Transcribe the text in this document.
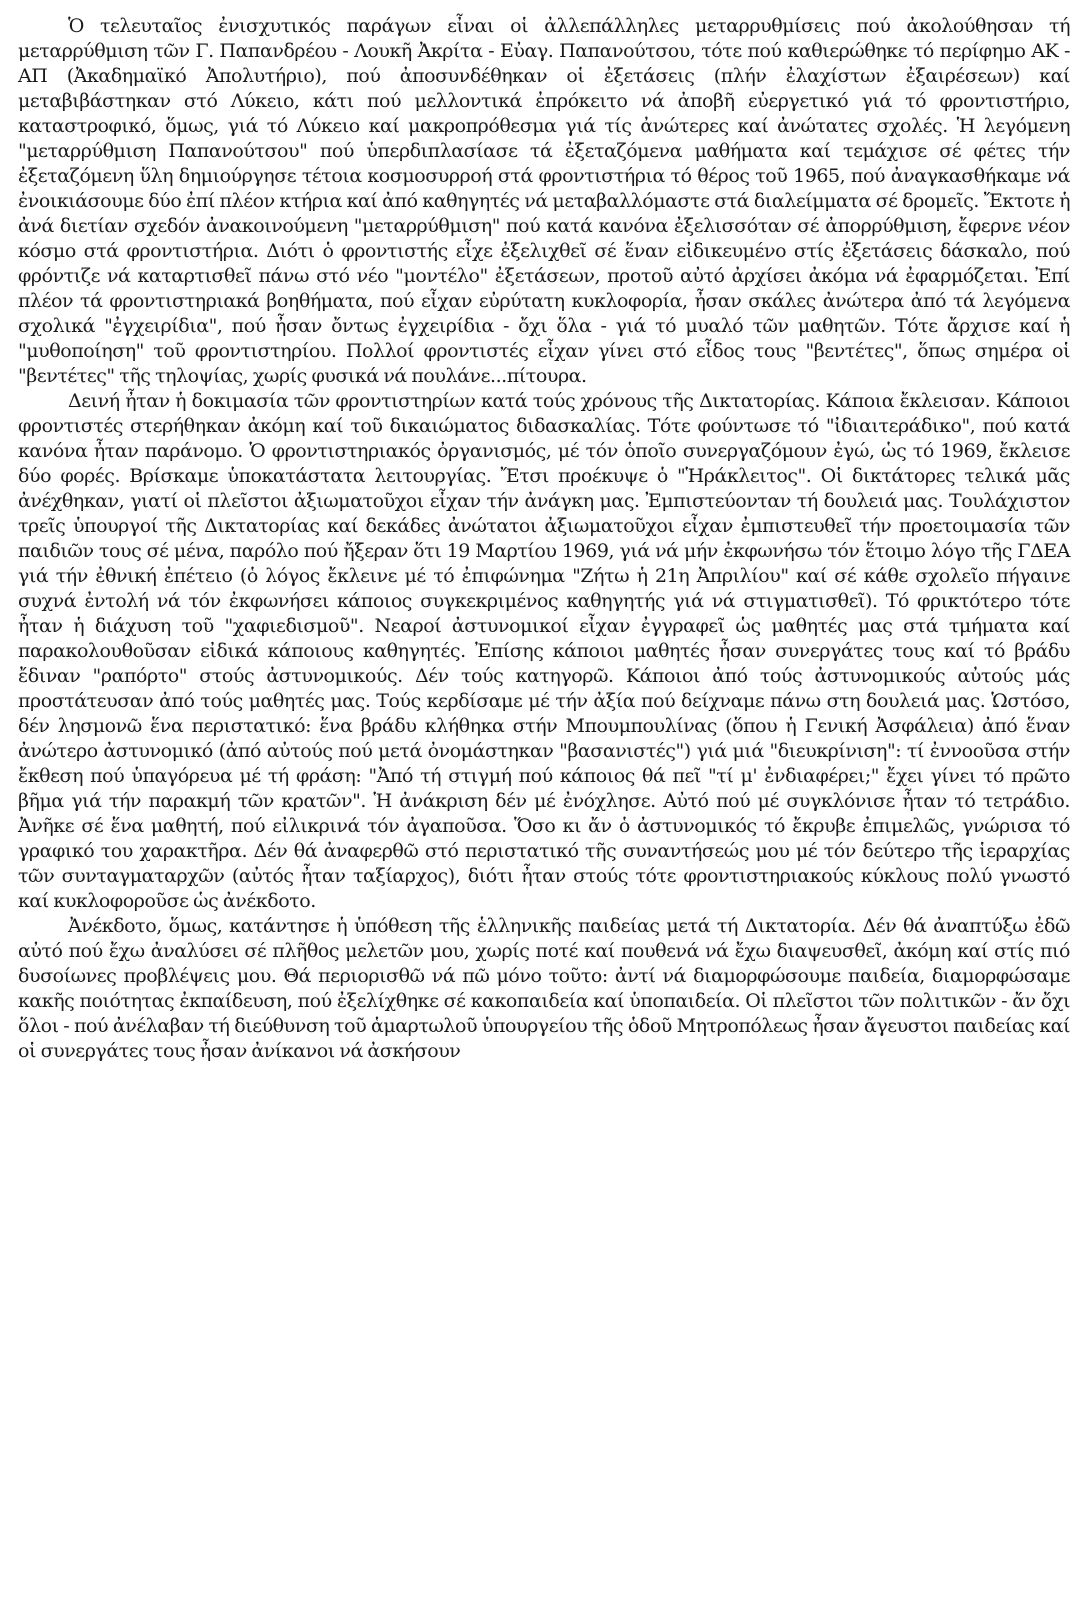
Ὁ τελευταῖος ἐνισχυτικός παράγων εἶναι οἱ ἀλλεπάλληλες μεταρρυθμίσεις πού ἀκολούθησαν τή μεταρρύθμιση τῶν Γ. Παπανδρέου - Λουκῆ Ἀκρίτα - Εὐαγ. Παπανούτσου, τότε πού καθιερώθηκε τό περίφημο ΑΚ - ΑΠ (Ἀκαδημαϊκό Ἀπολυτήριο), πού ἀποσυνδέθηκαν οἱ ἐξετάσεις (πλήν ἐλαχίστων ἐξαιρέσεων) καί μεταβιβάστηκαν στό Λύκειο, κάτι πού μελλοντικά ἐπρόκειτο νά ἀποβῆ εὐεργετικό γιά τό φροντιστήριο, καταστροφικό, ὅμως, γιά τό Λύκειο καί μακροπρόθεσμα γιά τίς ἀνώτερες καί ἀνώτατες σχολές. Ἡ λεγόμενη "μεταρρύθμιση Παπανούτσου" πού ὑπερδιπλασίασε τά ἐξεταζόμενα μαθήματα καί τεμάχισε σέ φέτες τήν ἐξεταζόμενη ὕλη δημιούργησε τέτοια κοσμοσυρροή στά φροντιστήρια τό θέρος τοῦ 1965, πού ἀναγκασθήκαμε νά ἐνοικιάσουμε δύο ἐπί πλέον κτήρια καί ἀπό καθηγητές νά μεταβαλλόμαστε στά διαλείμματα σέ δρομεῖς. Ἔκτοτε ἡ ἀνά διετίαν σχεδόν ἀνακοινούμενη "μεταρρύθμιση" πού κατά κανόνα ἐξελισσόταν σέ ἀπορρύθμιση, ἔφερνε νέον κόσμο στά φροντιστήρια. Διότι ὁ φροντιστής εἶχε ἐξελιχθεῖ σέ ἕναν εἰδικευμένο στίς ἐξετάσεις δάσκαλο, πού φρόντιζε νά καταρτισθεῖ πάνω στό νέο "μοντέλο" ἐξετάσεων, προτοῦ αὐτό ἀρχίσει ἀκόμα νά ἐφαρμόζεται. Ἐπί πλέον τά φροντιστηριακά βοηθήματα, πού εἶχαν εὐρύτατη κυκλοφορία, ἦσαν σκάλες ἀνώτερα ἀπό τά λεγόμενα σχολικά "ἐγχειρίδια", πού ἦσαν ὄντως ἐγχειρίδια - ὄχι ὅλα - γιά τό μυαλό τῶν μαθητῶν. Τότε ἄρχισε καί ἡ "μυθοποίηση" τοῦ φροντιστηρίου. Πολλοί φροντιστές εἶχαν γίνει στό εἶδος τους "βεντέτες", ὅπως σημέρα οἱ "βεντέτες" τῆς τηλοψίας, χωρίς φυσικά νά πουλάνε...πίτουρα.

Δεινή ἦταν ἡ δοκιμασία τῶν φροντιστηρίων κατά τούς χρόνους τῆς Δικτατορίας. Κάποια ἔκλεισαν. Κάποιοι φροντιστές στερήθηκαν ἀκόμη καί τοῦ δικαιώματος διδασκαλίας. Τότε φούντωσε τό "ἰδιαιτεράδικο", πού κατά κανόνα ἦταν παράνομο. Ὁ φροντιστηριακός ὀργανισμός, μέ τόν ὁποῖο συνεργαζόμουν ἐγώ, ὡς τό 1969, ἔκλεισε δύο φορές. Βρίσκαμε ὑποκατάστατα λειτουργίας. Ἔτσι προέκυψε ὁ "Ἡράκλειτος". Οἱ δικτάτορες τελικά μᾶς ἀνέχθηκαν, γιατί οἱ πλεῖστοι ἀξιωματοῦχοι εἶχαν τήν ἀνάγκη μας. Ἐμπιστεύονταν τή δουλειά μας. Τουλάχιστον τρεῖς ὑπουργοί τῆς Δικτατορίας καί δεκάδες ἀνώτατοι ἀξιωματοῦχοι εἶχαν ἐμπιστευθεῖ τήν προετοιμασία τῶν παιδιῶν τους σέ μένα, παρόλο πού ἤξεραν ὅτι 19 Μαρτίου 1969, γιά νά μήν ἐκφωνήσω τόν ἕτοιμο λόγο τῆς ΓΔΕΑ γιά τήν ἐθνική ἐπέτειο (ὁ λόγος ἔκλεινε μέ τό ἐπιφώνημα "Ζήτω ἡ 21η Ἀπριλίου" καί σέ κάθε σχολεῖο πήγαινε συχνά ἐντολή νά τόν ἐκφωνήσει κάποιος συγκεκριμένος καθηγητής γιά νά στιγματισθεῖ). Τό φρικτότερο τότε ἦταν ἡ διάχυση τοῦ "χαφιεδισμοῦ". Νεαροί ἀστυνομικοί εἶχαν ἐγγραφεῖ ὡς μαθητές μας στά τμήματα καί παρακολουθοῦσαν εἰδικά κάποιους καθηγητές. Ἐπίσης κάποιοι μαθητές ἦσαν συνεργάτες τους καί τό βράδυ ἔδιναν "ραπόρτο" στούς ἀστυνομικούς. Δέν τούς κατηγορῶ. Κάποιοι ἀπό τούς ἀστυνομικούς αὐτούς μάς προστάτευσαν ἀπό τούς μαθητές μας. Τούς κερδίσαμε μέ τήν ἀξία πού δείχναμε πάνω στη δουλειά μας. Ὡστόσο, δέν λησμονῶ ἕνα περιστατικό: ἕνα βράδυ κλήθηκα στήν Μπουμπουλίνας (ὅπου ἡ Γενική Ἀσφάλεια) ἀπό ἕναν ἀνώτερο ἀστυνομικό (ἀπό αὐτούς πού μετά ὀνομάστηκαν "βασανιστές") γιά μιά "διευκρίνιση": τί ἐννοοῦσα στήν ἔκθεση πού ὑπαγόρευα μέ τή φράση: "Ἀπό τή στιγμή πού κάποιος θά πεῖ "τί μ' ἐνδιαφέρει;" ἔχει γίνει τό πρῶτο βῆμα γιά τήν παρακμή τῶν κρατῶν". Ἡ ἀνάκριση δέν μέ ἐνόχλησε. Αὐτό πού μέ συγκλόνισε ἦταν τό τετράδιο. Ἀνῆκε σέ ἕνα μαθητή, πού εἰλικρινά τόν ἀγαποῦσα. Ὅσο κι ἄν ὁ ἀστυνομικός τό ἔκρυβε ἐπιμελῶς, γνώρισα τό γραφικό του χαρακτῆρα. Δέν θά ἀναφερθῶ στό περιστατικό τῆς συναντήσεώς μου μέ τόν δεύτερο τῆς ἱεραρχίας τῶν συνταγματαρχῶν (αὐτός ἦταν ταξίαρχος), διότι ἦταν στούς τότε φροντιστηριακούς κύκλους πολύ γνωστό καί κυκλοφοροῦσε ὡς ἀνέκδοτο.

Ἀνέκδοτο, ὅμως, κατάντησε ἡ ὑπόθεση τῆς ἑλληνικῆς παιδείας μετά τή Δικτατορία. Δέν θά ἀναπτύξω ἐδῶ αὐτό πού ἔχω ἀναλύσει σέ πλῆθος μελετῶν μου, χωρίς ποτέ καί πουθενά νά ἔχω διαψευσθεῖ, ἀκόμη καί στίς πιό δυσοίωνες προβλέψεις μου. Θά περιορισθῶ νά πῶ μόνο τοῦτο: ἀντί νά διαμορφώσουμε παιδεία, διαμορφώσαμε κακῆς ποιότητας ἐκπαίδευση, πού ἐξελίχθηκε σέ κακοπαιδεία καί ὑποπαιδεία. Οἱ πλεῖστοι τῶν πολιτικῶν - ἄν ὄχι ὅλοι - πού ἀνέλαβαν τή διεύθυνση τοῦ ἁμαρτωλοῦ ὑπουργείου τῆς ὁδοῦ Μητροπόλεως ἦσαν ἄγευστοι παιδείας καί οἱ συνεργάτες τους ἦσαν ἀνίκανοι νά ἀσκήσουν
